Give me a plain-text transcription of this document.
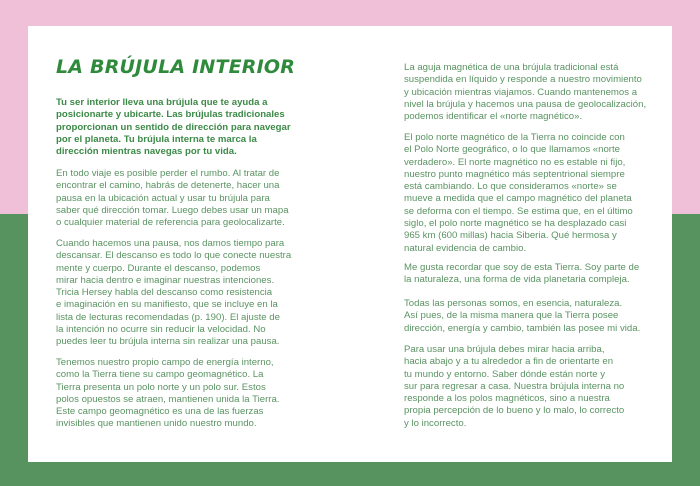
LA BRÚJULA INTERIOR

Tu ser interior lleva una brújula que te ayuda a
posicionarte y ubicarte. Las brújulas tradicionales
proporcionan un sentido de dirección para navegar
por el planeta. Tu brújula interna te marca la
dirección mientras navegas por tu vida.

En todo viaje es posible perder el rumbo. Al tratar de
encontrar el camino, habrás de detenerte, hacer una
pausa en la ubicación actual y usar tu brújula para
saber qué dirección tomar. Luego debes usar un mapa
o cualquier material de referencia para geolocalizarte.

Cuando hacemos una pausa, nos damos tiempo para
descansar. El descanso es todo lo que conecte nuestra
mente y cuerpo. Durante el descanso, podemos
mirar hacia dentro e imaginar nuestras intenciones.
Tricia Hersey habla del descanso como resistencia
e imaginación en su manifiesto, que se incluye en la
lista de lecturas recomendadas (p. 190). El ajuste de
la intención no ocurre sin reducir la velocidad. No
puedes leer tu brújula interna sin realizar una pausa.

Tenemos nuestro propio campo de energía interno,
como la Tierra tiene su campo geomagnético. La
Tierra presenta un polo norte y un polo sur. Estos
polos opuestos se atraen, mantienen unida la Tierra.
Este campo geomagnético es una de las fuerzas
invisibles que mantienen unido nuestro mundo.

La aguja magnética de una brújula tradicional está
suspendida en líquido y responde a nuestro movimiento
y ubicación mientras viajamos. Cuando mantenemos a
nivel la brújula y hacemos una pausa de geolocalización,
podemos identificar el «norte magnético».

El polo norte magnético de la Tierra no coincide con
el Polo Norte geográfico, o lo que llamamos «norte
verdadero». El norte magnético no es estable ni fijo,
nuestro punto magnético más septentrional siempre
está cambiando. Lo que consideramos «norte» se
mueve a medida que el campo magnético del planeta
se deforma con el tiempo. Se estima que, en el último
siglo, el polo norte magnético se ha desplazado casi
965 km (600 millas) hacia Siberia. Qué hermosa y
natural evidencia de cambio.

Me gusta recordar que soy de esta Tierra. Soy parte de
la naturaleza, una forma de vida planetaria compleja.

Todas las personas somos, en esencia, naturaleza.
Así pues, de la misma manera que la Tierra posee
dirección, energía y cambio, también las posee mi vida.

Para usar una brújula debes mirar hacia arriba,
hacia abajo y a tu alrededor a fin de orientarte en
tu mundo y entorno. Saber dónde están norte y
sur para regresar a casa. Nuestra brújula interna no
responde a los polos magnéticos, sino a nuestra
propia percepción de lo bueno y lo malo, lo correcto
y lo incorrecto.
